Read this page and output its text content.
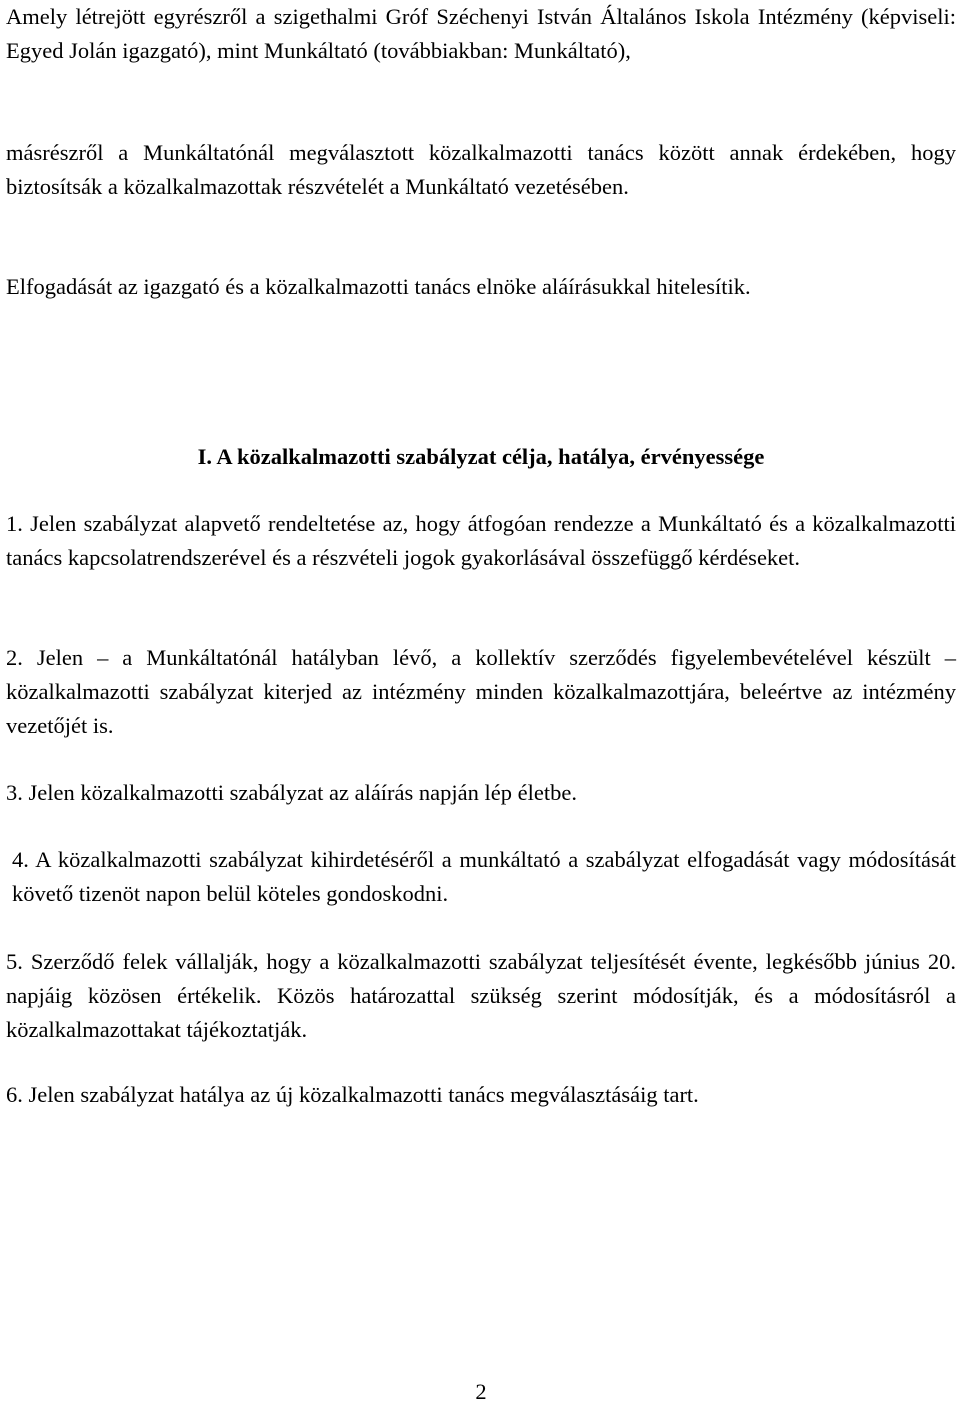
Amely létrejött egyrészről a szigethalmi Gróf Széchenyi István Általános Iskola Intézmény (képviseli: Egyed Jolán igazgató), mint Munkáltató (továbbiakban: Munkáltató),

másrészről a Munkáltatónál megválasztott közalkalmazotti tanács között annak érdekében, hogy biztosítsák a közalkalmazottak részvételét a Munkáltató vezetésében.

Elfogadását az igazgató és a közalkalmazotti tanács elnöke aláírásukkal hitelesítik.

I. A közalkalmazotti szabályzat célja, hatálya, érvényessége

1. Jelen szabályzat alapvető rendeltetése az, hogy átfogóan rendezze a Munkáltató és a közalkalmazotti tanács kapcsolatrendszerével és a részvételi jogok gyakorlásával összefüggő kérdéseket.

2. Jelen – a Munkáltatónál hatályban lévő, a kollektív szerződés figyelembevételével készült – közalkalmazotti szabályzat kiterjed az intézmény minden közalkalmazottjára, beleértve az intézmény vezetőjét is.

3. Jelen közalkalmazotti szabályzat az aláírás napján lép életbe.

4. A közalkalmazotti szabályzat kihirdetéséről a munkáltató a szabályzat elfogadását vagy módosítását követő tizenöt napon belül köteles gondoskodni.

5. Szerződő felek vállalják, hogy a közalkalmazotti szabályzat teljesítését évente, legkésőbb június 20. napjáig közösen értékelik. Közös határozattal szükség szerint módosítják, és a módosításról a közalkalmazottakat tájékoztatják.

6. Jelen szabályzat hatálya az új közalkalmazotti tanács megválasztásáig tart.

2
